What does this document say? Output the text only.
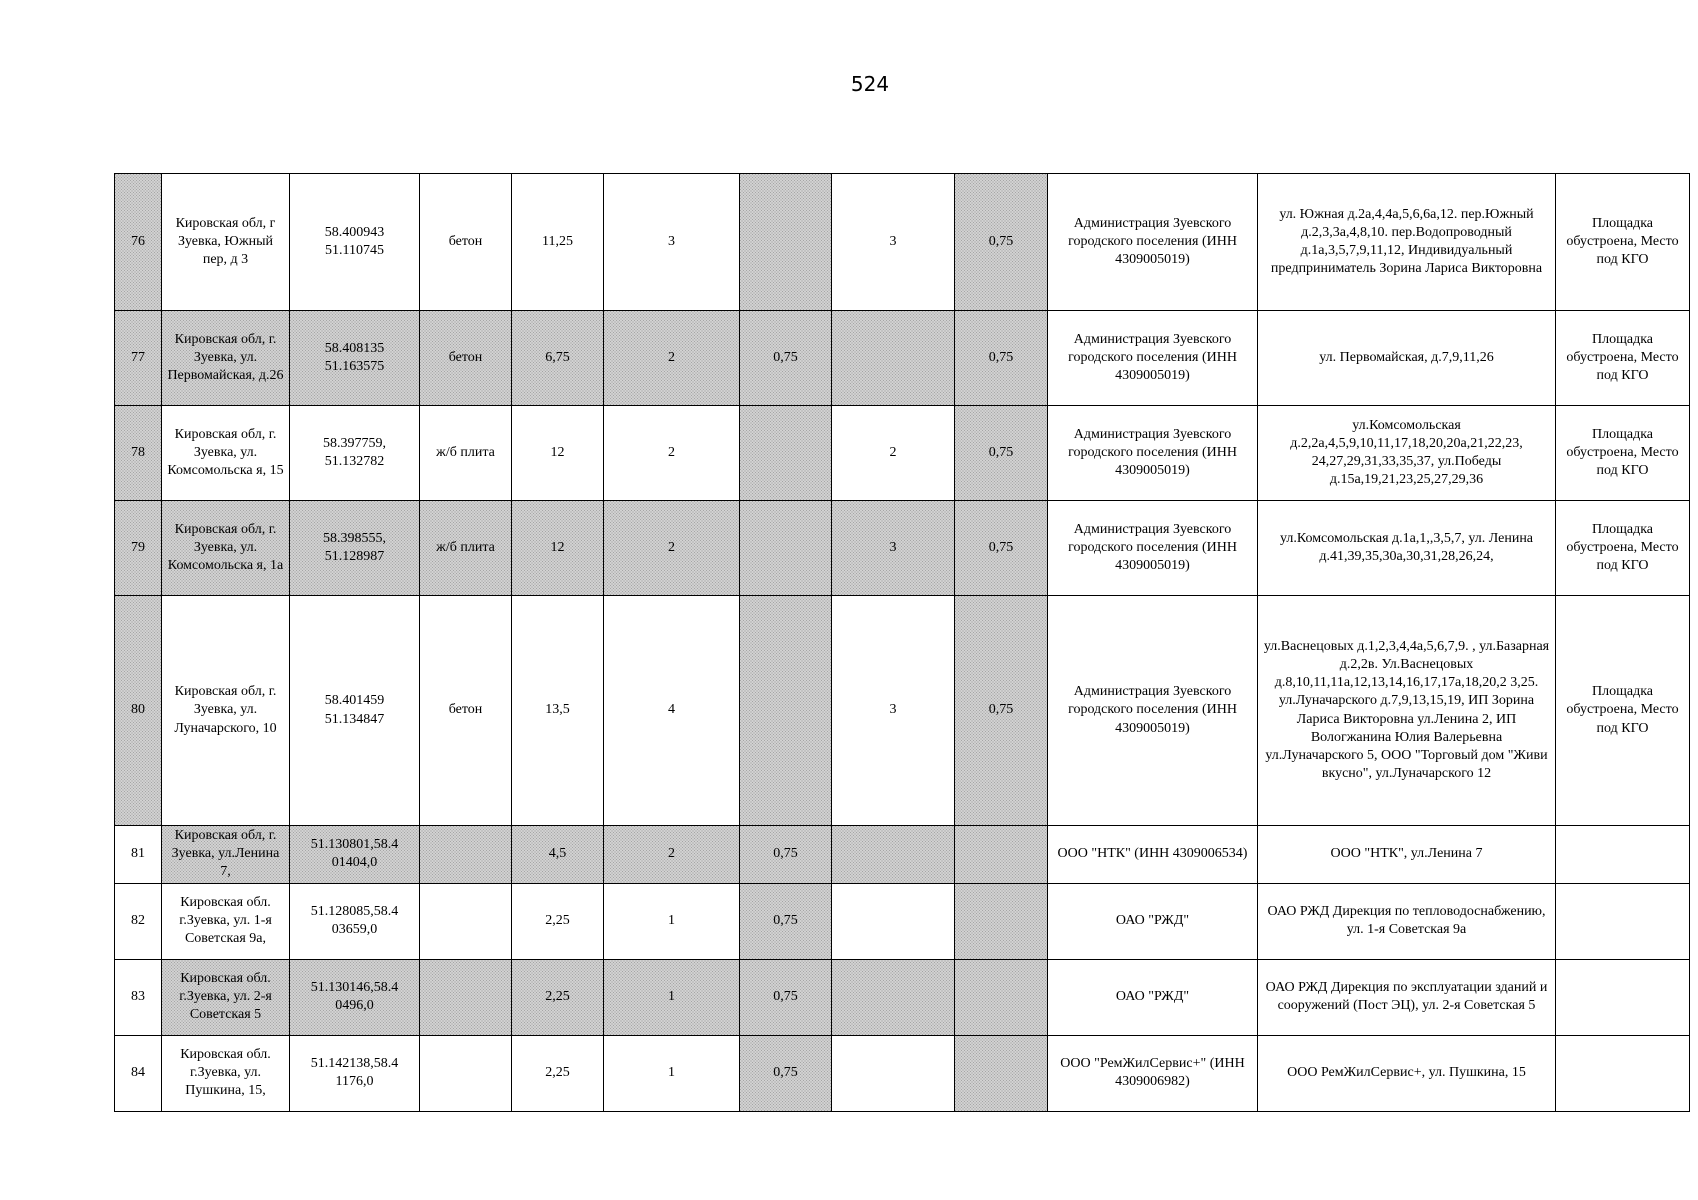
524
76	Кировская обл, г Зуевка, Южный пер, д 3	58.400943 51.110745	бетон	11,25	3		3	0,75	Администрация Зуевского городского поселения (ИНН 4309005019)	ул. Южная д.2а,4,4а,5,6,6а,12. пер.Южный д.2,3,3а,4,8,10. пер.Водопроводный д.1а,3,5,7,9,11,12, Индивидуальный предприниматель Зорина Лариса Викторовна	Площадка обустроена, Место под КГО
77	Кировская обл, г. Зуевка, ул. Первомайская, д.26	58.408135 51.163575	бетон	6,75	2	0,75		0,75	Администрация Зуевского городского поселения (ИНН 4309005019)	ул. Первомайская, д.7,9,11,26	Площадка обустроена, Место под КГО
78	Кировская обл, г. Зуевка, ул. Комсомольска я, 15	58.397759, 51.132782	ж/б плита	12	2		2	0,75	Администрация Зуевского городского поселения (ИНН 4309005019)	ул.Комсомольская д.2,2а,4,5,9,10,11,17,18,20,20а,21,22,23, 24,27,29,31,33,35,37, ул.Победы д.15а,19,21,23,25,27,29,36	Площадка обустроена, Место под КГО
79	Кировская обл, г. Зуевка, ул. Комсомольска я, 1а	58.398555, 51.128987	ж/б плита	12	2		3	0,75	Администрация Зуевского городского поселения (ИНН 4309005019)	ул.Комсомольская д.1а,1,,3,5,7, ул. Ленина д.41,39,35,30а,30,31,28,26,24,	Площадка обустроена, Место под КГО
80	Кировская обл, г. Зуевка, ул. Луначарского, 10	58.401459 51.134847	бетон	13,5	4		3	0,75	Администрация Зуевского городского поселения (ИНН 4309005019)	ул.Васнецовых д.1,2,3,4,4а,5,6,7,9. , ул.Базарная д.2,2в. Ул.Васнецовых д.8,10,11,11а,12,13,14,16,17,17а,18,20,2 3,25. ул.Луначарского д.7,9,13,15,19, ИП Зорина Лариса Викторовна ул.Ленина 2, ИП Вологжанина Юлия Валерьевна ул.Луначарского 5, ООО "Торговый дом "Живи вкусно", ул.Луначарского 12	Площадка обустроена, Место под КГО
81	Кировская обл, г. Зуевка, ул.Ленина 7,	51.130801,58.4 01404,0		4,5	2	0,75			ООО "НТК" (ИНН 4309006534)	ООО "НТК", ул.Ленина 7	
82	Кировская обл. г.Зуевка, ул. 1-я Советская 9а,	51.128085,58.4 03659,0		2,25	1	0,75			ОАО "РЖД"	ОАО РЖД Дирекция по тепловодоснабжению, ул. 1-я Советская 9а	
83	Кировская обл. г.Зуевка, ул. 2-я Советская 5	51.130146,58.4 0496,0		2,25	1	0,75			ОАО "РЖД"	ОАО РЖД Дирекция по эксплуатации зданий и сооружений (Пост ЭЦ), ул. 2-я Советская 5	
84	Кировская обл. г.Зуевка, ул. Пушкина, 15,	51.142138,58.4 1176,0		2,25	1	0,75			ООО "РемЖилСервис+" (ИНН 4309006982)	ООО РемЖилСервис+, ул. Пушкина, 15	
